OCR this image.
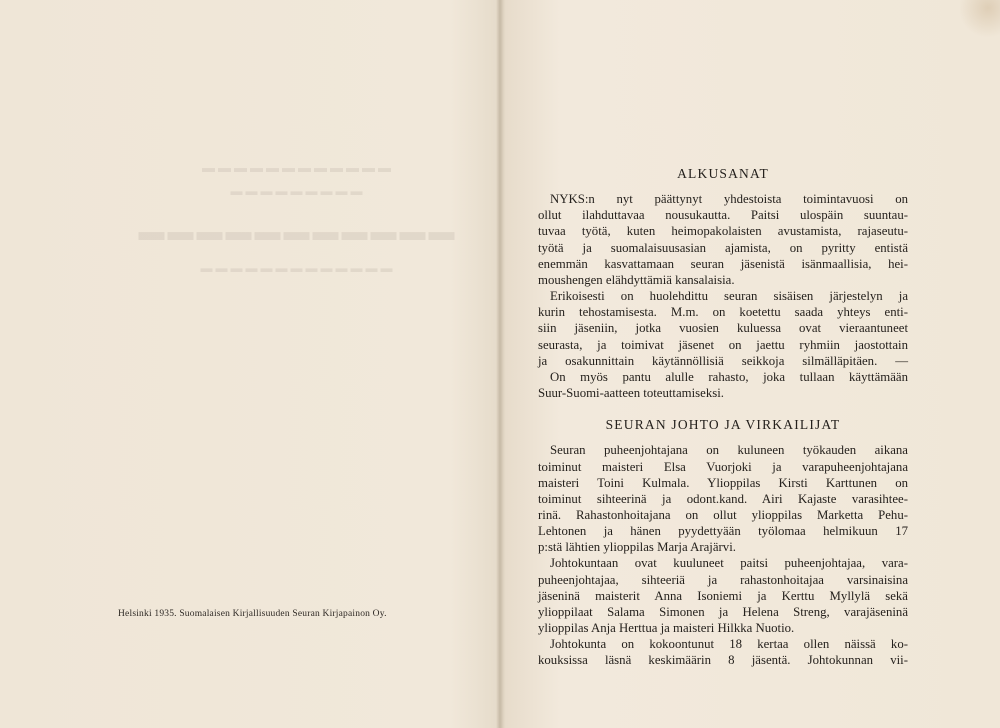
▬▬▬▬▬▬▬▬▬▬▬▬
▬▬▬▬▬▬▬▬▬
▬▬▬▬▬▬▬▬▬▬▬
▬▬▬▬▬▬▬▬▬▬▬▬▬
Helsinki 1935. Suomalaisen Kirjallisuuden Seuran Kirjapainon Oy.
ALKUSANAT
NYKS:n nyt päättynyt yhdestoista toimintavuosi on
ollut ilahduttavaa nousukautta. Paitsi ulospäin suuntau-
tuvaa työtä, kuten heimopakolaisten avustamista, rajaseutu-
työtä ja suomalaisuusasian ajamista, on pyritty entistä
enemmän kasvattamaan seuran jäsenistä isänmaallisia, hei-
moushengen elähdyttämiä kansalaisia.
Erikoisesti on huolehdittu seuran sisäisen järjestelyn ja
kurin tehostamisesta. M.m. on koetettu saada yhteys enti-
siin jäseniin, jotka vuosien kuluessa ovat vieraantuneet
seurasta, ja toimivat jäsenet on jaettu ryhmiin jaostottain
ja osakunnittain käytännöllisiä seikkoja silmälläpitäen. —
On myös pantu alulle rahasto, joka tullaan käyttämään
Suur-Suomi-aatteen toteuttamiseksi.
SEURAN JOHTO JA VIRKAILIJAT
Seuran puheenjohtajana on kuluneen työkauden aikana
toiminut maisteri Elsa Vuorjoki ja varapuheenjohtajana
maisteri Toini Kulmala. Ylioppilas Kirsti Karttunen on
toiminut sihteerinä ja odont.kand. Airi Kajaste varasihtee-
rinä. Rahastonhoitajana on ollut ylioppilas Marketta Pehu-
Lehtonen ja hänen pyydettyään työlomaa helmikuun 17
p:stä lähtien ylioppilas Marja Arajärvi.
Johtokuntaan ovat kuuluneet paitsi puheenjohtajaa, vara-
puheenjohtajaa, sihteeriä ja rahastonhoitajaa varsinaisina
jäseninä maisterit Anna Isoniemi ja Kerttu Myllylä sekä
ylioppilaat Salama Simonen ja Helena Streng, varajäseninä
ylioppilas Anja Herttua ja maisteri Hilkka Nuotio.
Johtokunta on kokoontunut 18 kertaa ollen näissä ko-
kouksissa läsnä keskimäärin 8 jäsentä. Johtokunnan vii-
